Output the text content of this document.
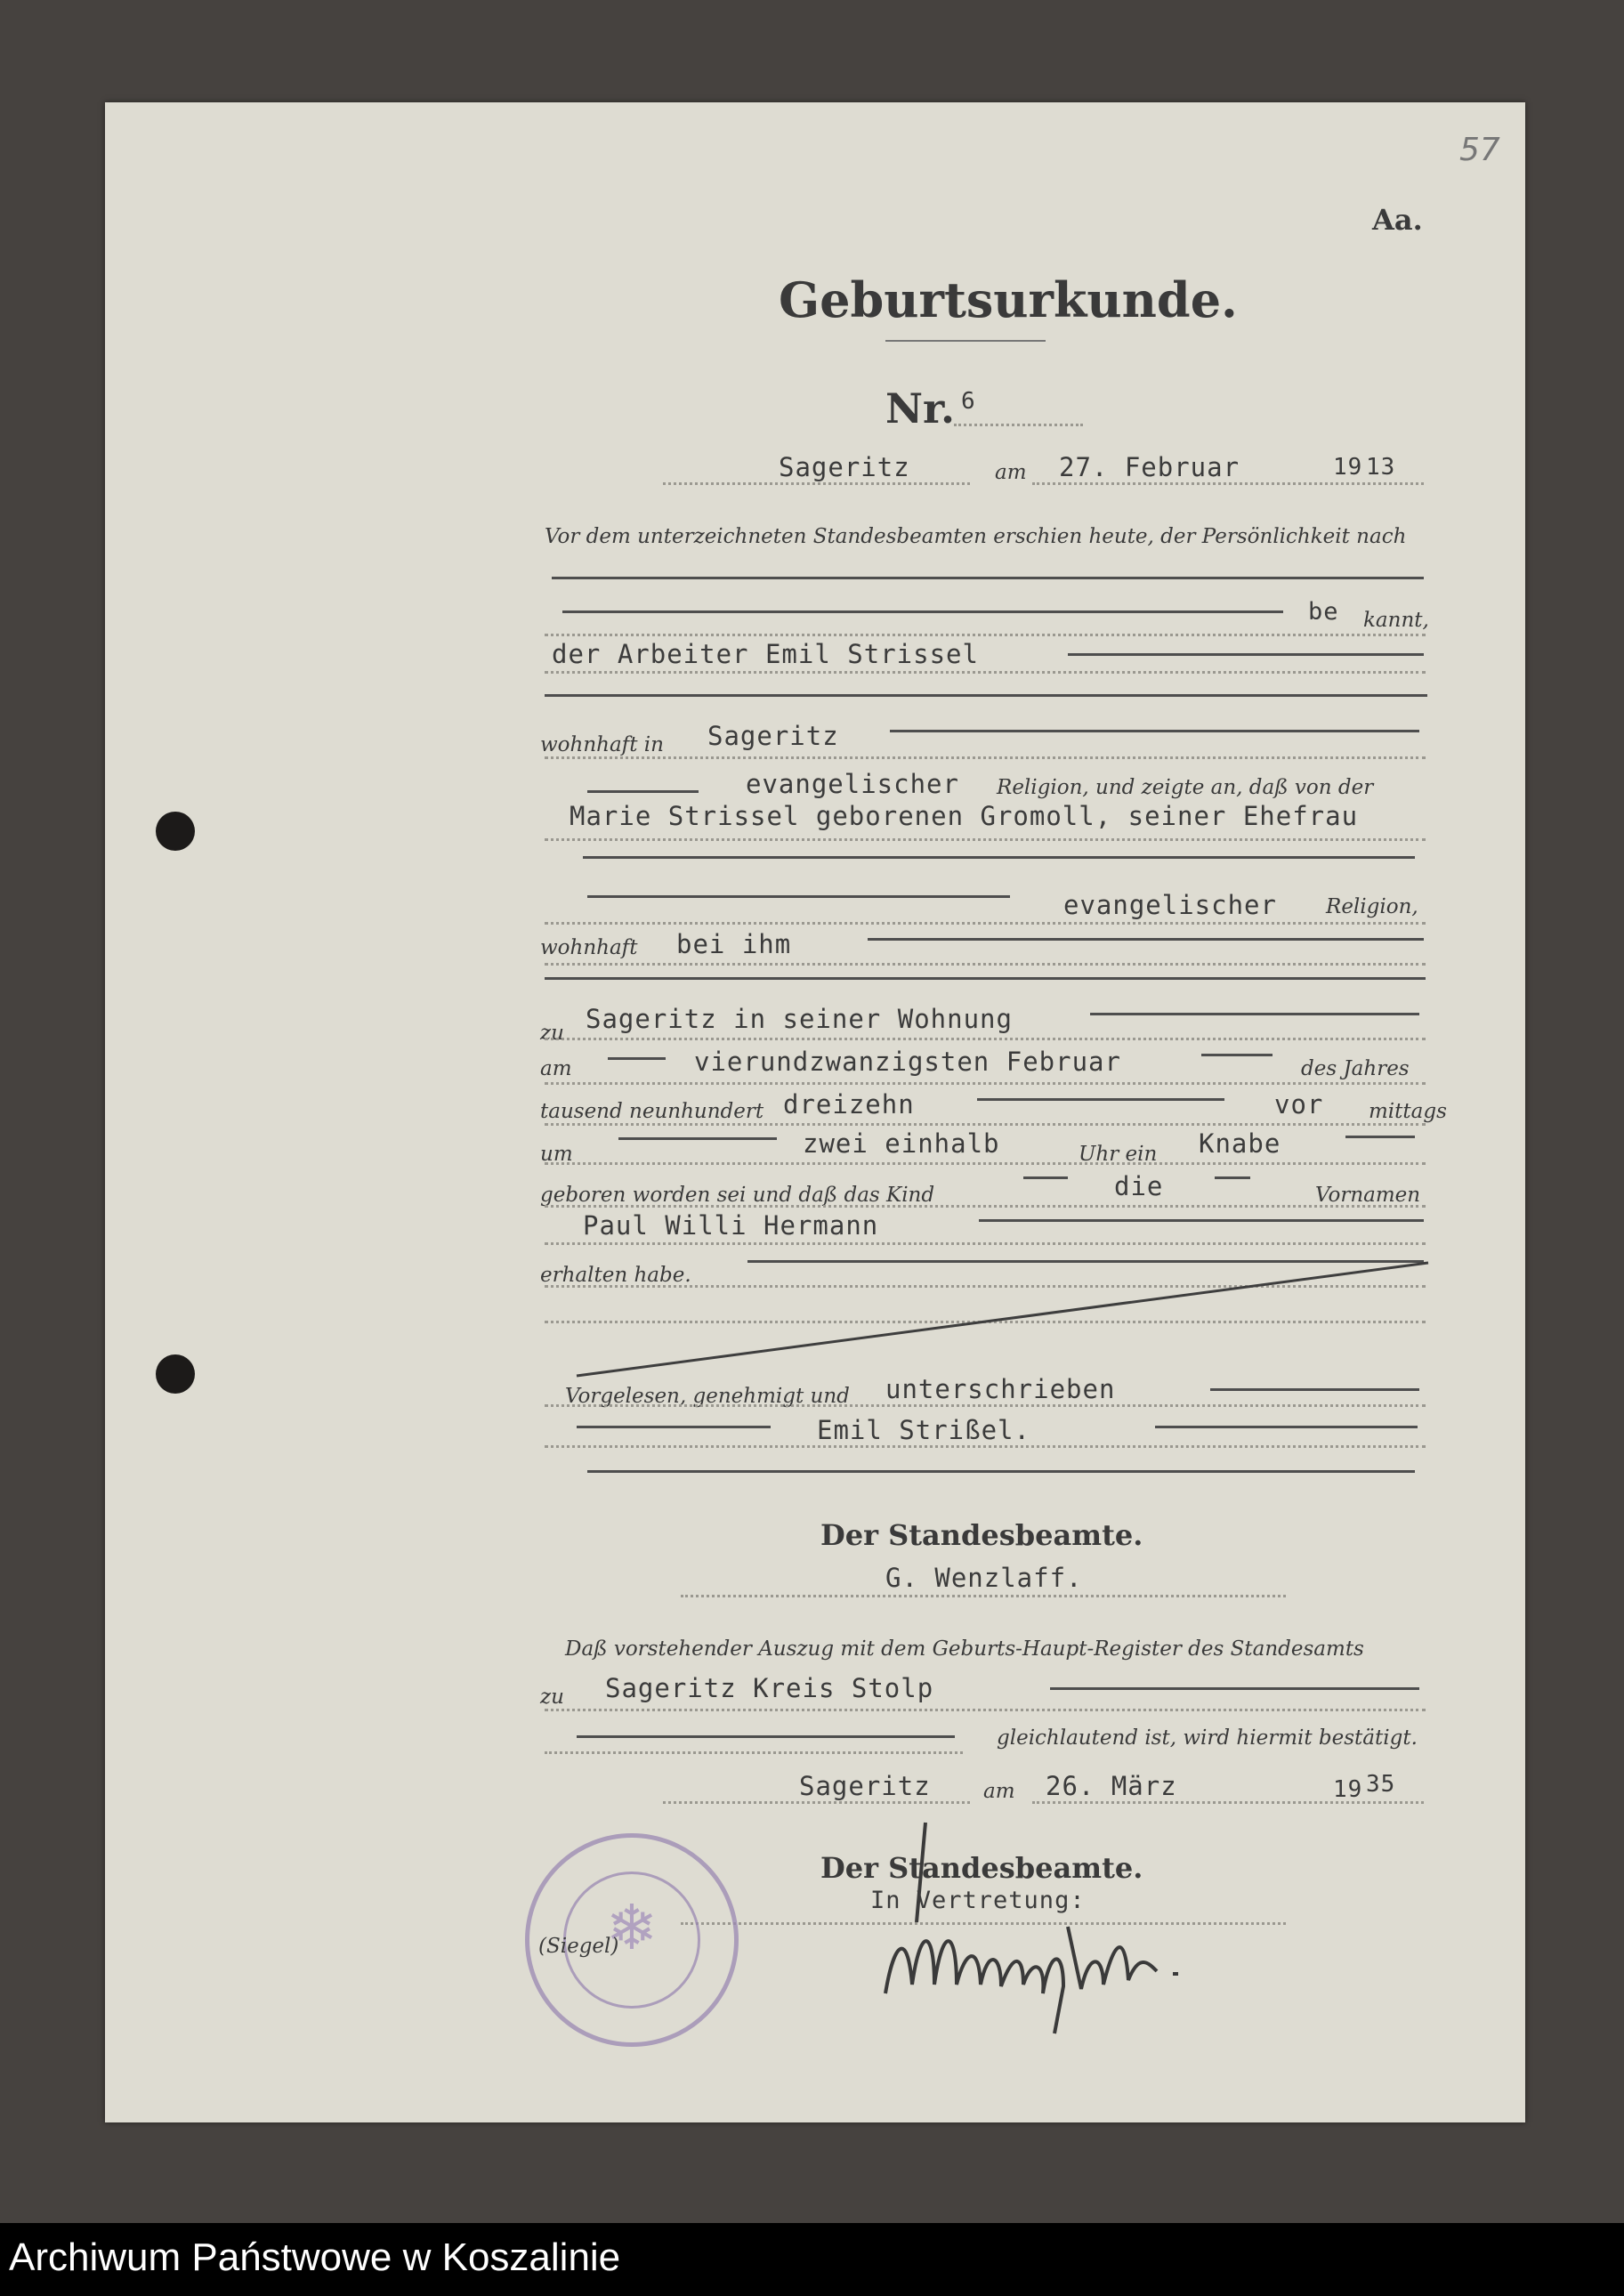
57
Aa.
Geburtsurkunde.
Nr. 6
Sageritz	am 27. Februar	19 13
Vor dem unterzeichneten Standesbeamten erschien heute, der Persönlichkeit nach
be kannt,
der Arbeiter Emil Strissel
wohnhaft in Sageritz
evangelischer Religion, und zeigte an, daß von der
Marie Strissel geborenen Gromoll, seiner Ehefrau
evangelischer Religion,
wohnhaft bei ihm
zu Sageritz in seiner Wohnung
am	vierundzwanzigsten Februar	des Jahres
tausend neunhundert dreizehn	vor mittags
um	zwei einhalb	Uhr ein Knabe
geboren worden sei und daß das Kind	die	Vornamen
Paul Willi Hermann
erhalten habe.
Vorgelesen, genehmigt und unterschrieben
Emil Strißel.
Der Standesbeamte.
G. Wenzlaff.
Daß vorstehender Auszug mit dem Geburts-Haupt-Register des Standesamts
zu Sageritz Kreis Stolp
gleichlautend ist, wird hiermit bestätigt.
Sageritz	am 26. März	19 35
Der Standesbeamte.
In Vertretung:
❄
(Siegel)
Archiwum Państwowe w Koszalinie
